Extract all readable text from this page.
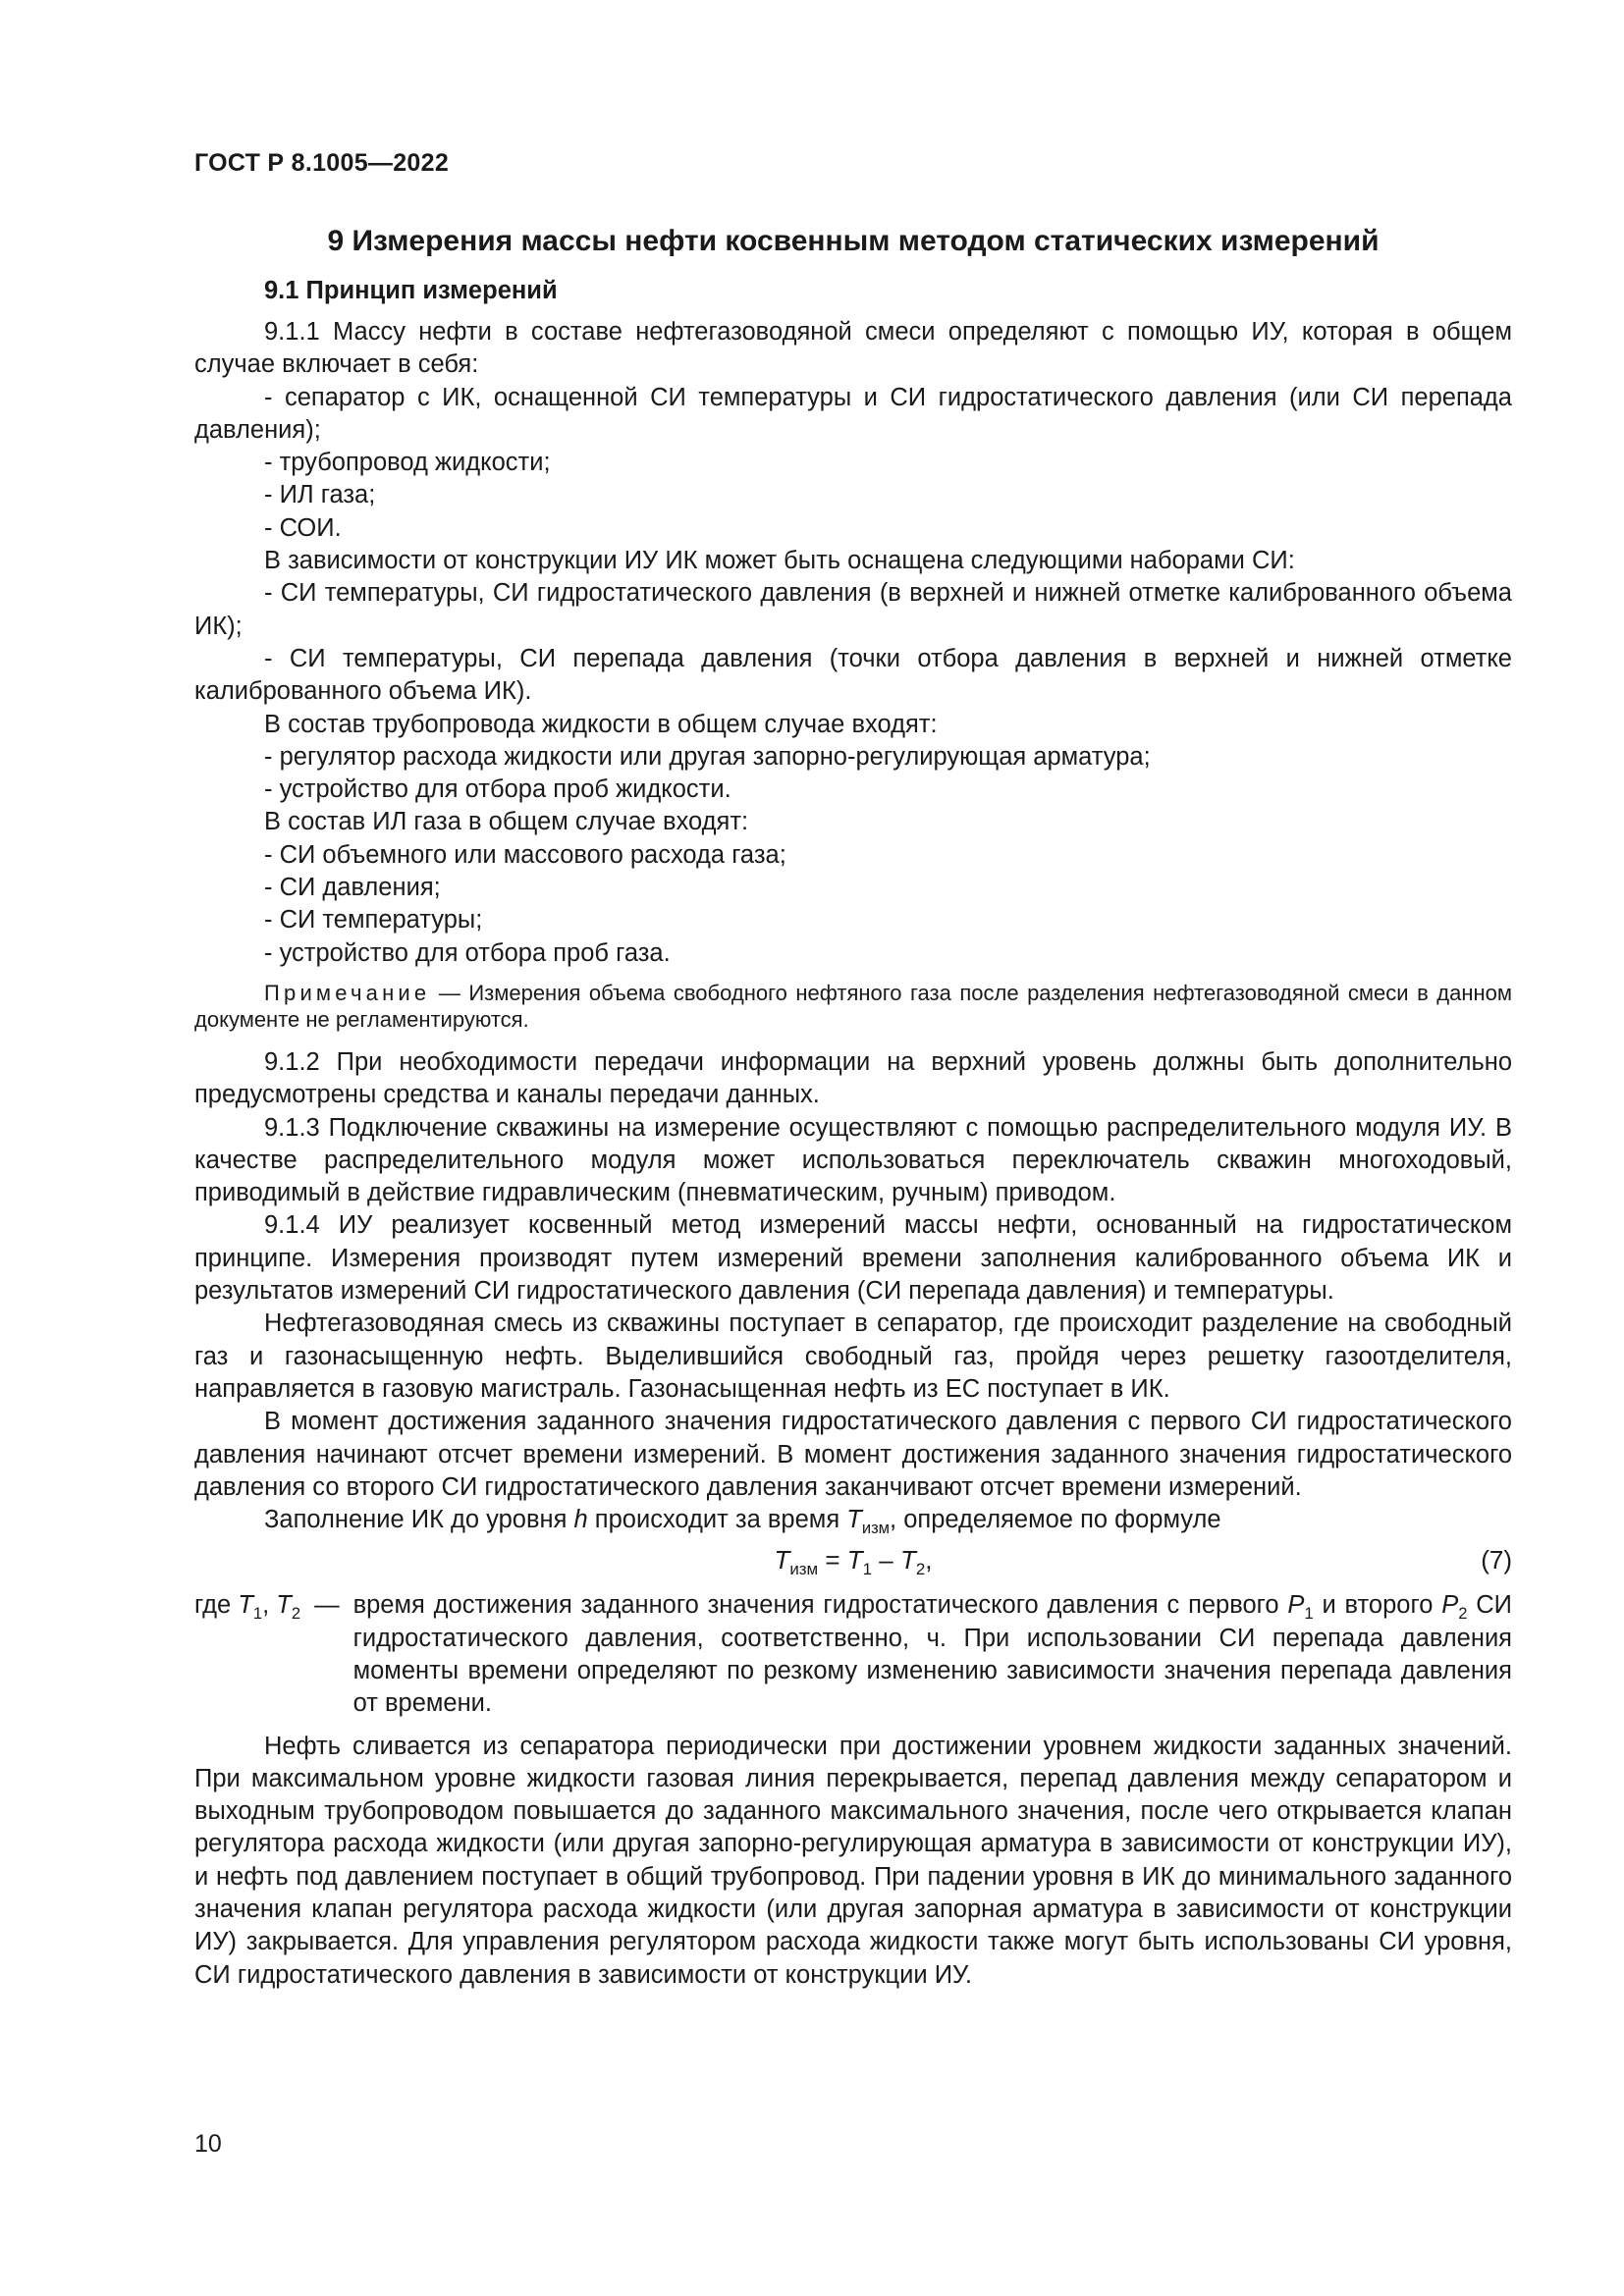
ГОСТ Р 8.1005—2022
9 Измерения массы нефти косвенным методом статических измерений
9.1 Принцип измерений

9.1.1 Массу нефти в составе нефтегазоводяной смеси определяют с помощью ИУ, которая в общем случае включает в себя:

- сепаратор с ИК, оснащенной СИ температуры и СИ гидростатического давления (или СИ перепада давления);

- трубопровод жидкости;

- ИЛ газа;

- СОИ.

В зависимости от конструкции ИУ ИК может быть оснащена следующими наборами СИ:

- СИ температуры, СИ гидростатического давления (в верхней и нижней отметке калиброванного объема ИК);

- СИ температуры, СИ перепада давления (точки отбора давления в верхней и нижней отметке калиброванного объема ИК).

В состав трубопровода жидкости в общем случае входят:

- регулятор расхода жидкости или другая запорно-регулирующая арматура;

- устройство для отбора проб жидкости.

В состав ИЛ газа в общем случае входят:

- СИ объемного или массового расхода газа;

- СИ давления;

- СИ температуры;

- устройство для отбора проб газа.

Примечание — Измерения объема свободного нефтяного газа после разделения нефтегазоводяной смеси в данном документе не регламентируются.

9.1.2 При необходимости передачи информации на верхний уровень должны быть дополнительно предусмотрены средства и каналы передачи данных.

9.1.3 Подключение скважины на измерение осуществляют с помощью распределительного модуля ИУ. В качестве распределительного модуля может использоваться переключатель скважин многоходовый, приводимый в действие гидравлическим (пневматическим, ручным) приводом.

9.1.4 ИУ реализует косвенный метод измерений массы нефти, основанный на гидростатическом принципе. Измерения производят путем измерений времени заполнения калиброванного объема ИК и результатов измерений СИ гидростатического давления (СИ перепада давления) и температуры.

Нефтегазоводяная смесь из скважины поступает в сепаратор, где происходит разделение на свободный газ и газонасыщенную нефть. Выделившийся свободный газ, пройдя через решетку газоотделителя, направляется в газовую магистраль. Газонасыщенная нефть из ЕС поступает в ИК.

В момент достижения заданного значения гидростатического давления с первого СИ гидростатического давления начинают отсчет времени измерений. В момент достижения заданного значения гидростатического давления со второго СИ гидростатического давления заканчивают отсчет времени измерений.

Заполнение ИК до уровня h происходит за время $T_{изм}$, определяемое по формуле

$T_{изм} = T_1 - T_2$,	(7)
где $T_1$, $T_2$ — время достижения заданного значения гидростатического давления с первого $P_1$ и второго $P_2$ СИ гидростатического давления, соответственно, ч. При использовании СИ перепада давления моменты времени определяют по резкому изменению зависимости значения перепада давления от времени.

Нефть сливается из сепаратора периодически при достижении уровнем жидкости заданных значений. При максимальном уровне жидкости газовая линия перекрывается, перепад давления между сепаратором и выходным трубопроводом повышается до заданного максимального значения, после чего открывается клапан регулятора расхода жидкости (или другая запорно-регулирующая арматура в зависимости от конструкции ИУ), и нефть под давлением поступает в общий трубопровод. При падении уровня в ИК до минимального заданного значения клапан регулятора расхода жидкости (или другая запорная арматура в зависимости от конструкции ИУ) закрывается. Для управления регулятором расхода жидкости также могут быть использованы СИ уровня, СИ гидростатического давления в зависимости от конструкции ИУ.

10
